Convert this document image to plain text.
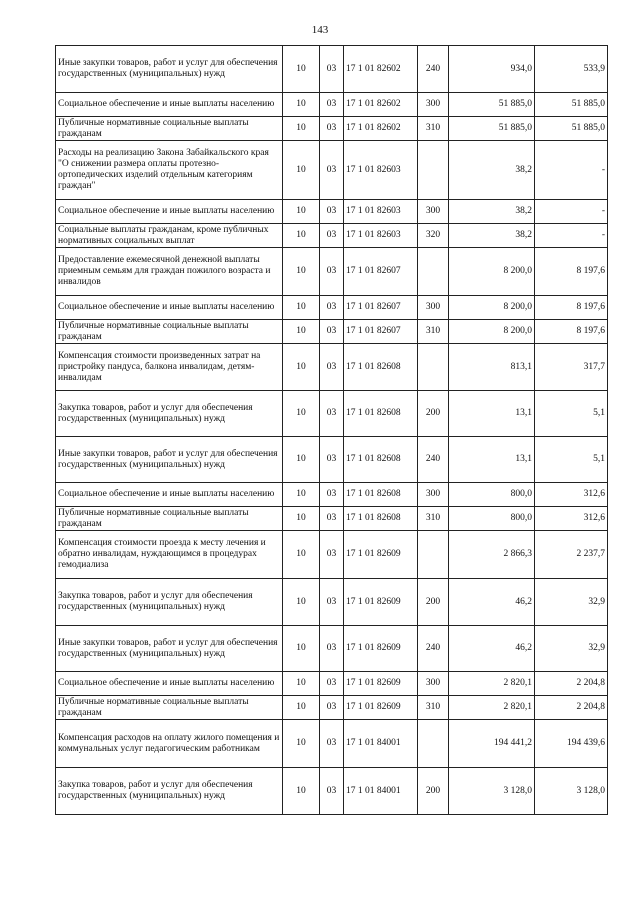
143
Иные закупки товаров, работ и услуг для обеспечения государственных (муниципальных) нужд	10	03	17 1 01 82602	240	934,0	533,9
Социальное обеспечение и иные выплаты населению	10	03	17 1 01 82602	300	51 885,0	51 885,0
Публичные нормативные социальные выплаты гражданам	10	03	17 1 01 82602	310	51 885,0	51 885,0
Расходы на реализацию Закона Забайкальского края "О снижении размера оплаты протезно-ортопедических изделий отдельным категориям граждан"	10	03	17 1 01 82603		38,2	-
Социальное обеспечение и иные выплаты населению	10	03	17 1 01 82603	300	38,2	-
Социальные выплаты гражданам, кроме публичных нормативных социальных выплат	10	03	17 1 01 82603	320	38,2	-
Предоставление ежемесячной денежной выплаты приемным семьям для граждан пожилого возраста и инвалидов	10	03	17 1 01 82607		8 200,0	8 197,6
Социальное обеспечение и иные выплаты населению	10	03	17 1 01 82607	300	8 200,0	8 197,6
Публичные нормативные социальные выплаты гражданам	10	03	17 1 01 82607	310	8 200,0	8 197,6
Компенсация стоимости произведенных затрат на пристройку пандуса, балкона инвалидам, детям-инвалидам	10	03	17 1 01 82608		813,1	317,7
Закупка товаров, работ и услуг для обеспечения государственных (муниципальных) нужд	10	03	17 1 01 82608	200	13,1	5,1
Иные закупки товаров, работ и услуг для обеспечения государственных (муниципальных) нужд	10	03	17 1 01 82608	240	13,1	5,1
Социальное обеспечение и иные выплаты населению	10	03	17 1 01 82608	300	800,0	312,6
Публичные нормативные социальные выплаты гражданам	10	03	17 1 01 82608	310	800,0	312,6
Компенсация стоимости проезда к месту лечения и обратно инвалидам, нуждающимся в процедурах гемодиализа	10	03	17 1 01 82609		2 866,3	2 237,7
Закупка товаров, работ и услуг для обеспечения государственных (муниципальных) нужд	10	03	17 1 01 82609	200	46,2	32,9
Иные закупки товаров, работ и услуг для обеспечения государственных (муниципальных) нужд	10	03	17 1 01 82609	240	46,2	32,9
Социальное обеспечение и иные выплаты населению	10	03	17 1 01 82609	300	2 820,1	2 204,8
Публичные нормативные социальные выплаты гражданам	10	03	17 1 01 82609	310	2 820,1	2 204,8
Компенсация расходов на оплату жилого помещения и коммунальных услуг педагогическим работникам	10	03	17 1 01 84001		194 441,2	194 439,6
Закупка товаров, работ и услуг для обеспечения государственных (муниципальных) нужд	10	03	17 1 01 84001	200	3 128,0	3 128,0
